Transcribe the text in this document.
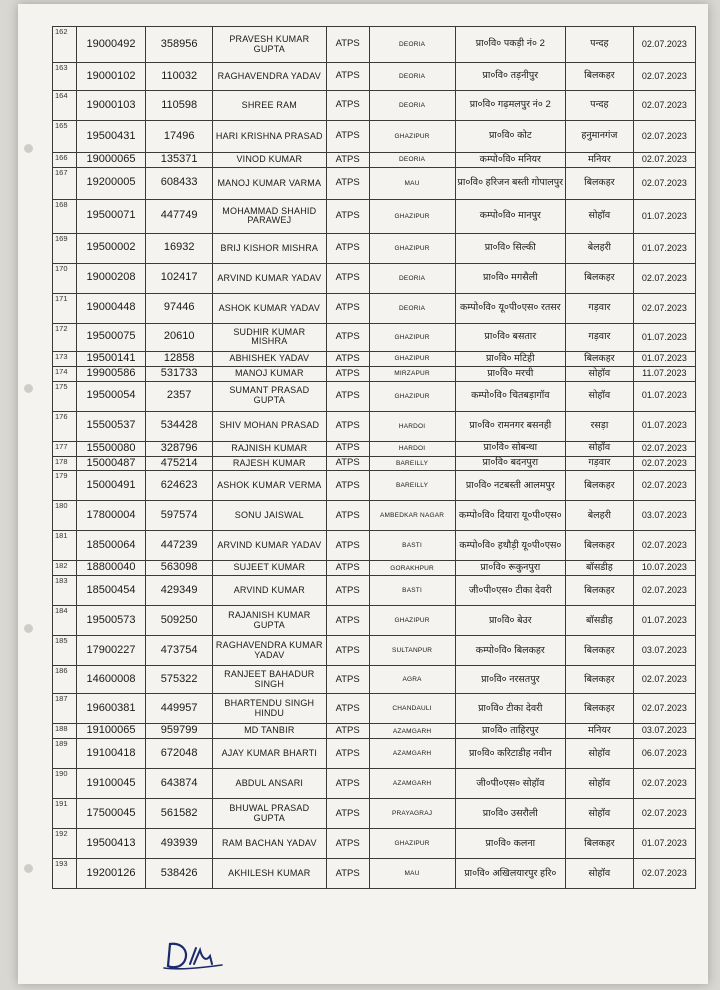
162	19000492	358956	PRAVESH KUMAR GUPTA	ATPS	DEORIA	प्रा०वि० पकड़ी नं० 2	पन्दह	02.07.2023
163	19000102	110032	RAGHAVENDRA YADAV	ATPS	DEORIA	प्रा०वि० तड़नीपुर	बिलकहर	02.07.2023
164	19000103	110598	SHREE RAM	ATPS	DEORIA	प्रा०वि० गढ़मलपुर नं० 2	पन्दह	02.07.2023
165	19500431	17496	HARI KRISHNA PRASAD	ATPS	GHAZIPUR	प्रा०वि० कोट	हनुमानगंज	02.07.2023
166	19000065	135371	VINOD KUMAR	ATPS	DEORIA	कम्पो०वि० मनियर	मनियर	02.07.2023
167	19200005	608433	MANOJ KUMAR VARMA	ATPS	MAU	प्रा०वि० हरिजन बस्ती गोपालपुर	बिलकहर	02.07.2023
168	19500071	447749	MOHAMMAD SHAHID PARAWEJ	ATPS	GHAZIPUR	कम्पो०वि० मानपुर	सोहॉव	01.07.2023
169	19500002	16932	BRIJ KISHOR MISHRA	ATPS	GHAZIPUR	प्रा०वि० सिल्की	बेलहरी	01.07.2023
170	19000208	102417	ARVIND KUMAR YADAV	ATPS	DEORIA	प्रा०वि० मगसैली	बिलकहर	02.07.2023
171	19000448	97446	ASHOK KUMAR YADAV	ATPS	DEORIA	कम्पो०वि० यू०पी०एस० रतसर	गड़वार	02.07.2023
172	19500075	20610	SUDHIR KUMAR MISHRA	ATPS	GHAZIPUR	प्रा०वि० बसतार	गड़वार	01.07.2023
173	19500141	12858	ABHISHEK YADAV	ATPS	GHAZIPUR	प्रा०वि० मटिही	बिलकहर	01.07.2023
174	19900586	531733	MANOJ KUMAR	ATPS	MIRZAPUR	प्रा०वि० मरची	सोहॉव	11.07.2023
175	19500054	2357	SUMANT PRASAD GUPTA	ATPS	GHAZIPUR	कम्पो०वि० चितबड़ागॉव	सोहॉव	01.07.2023
176	15500537	534428	SHIV MOHAN PRASAD	ATPS	HARDOI	प्रा०वि० रामनगर बसनही	रसड़ा	01.07.2023
177	15500080	328796	RAJNISH KUMAR	ATPS	HARDOI	प्रा०वि० सोबन्था	सोहॉव	02.07.2023
178	15000487	475214	RAJESH KUMAR	ATPS	BAREILLY	प्रा०वि० बदनपुरा	गड़वार	02.07.2023
179	15000491	624623	ASHOK KUMAR VERMA	ATPS	BAREILLY	प्रा०वि० नटबस्ती आलमपुर	बिलकहर	02.07.2023
180	17800004	597574	SONU JAISWAL	ATPS	AMBEDKAR NAGAR	कम्पो०वि० दियारा यू०पी०एस०	बेलहरी	03.07.2023
181	18500064	447239	ARVIND KUMAR YADAV	ATPS	BASTI	कम्पो०वि० हथौड़ी यू०पी०एस०	बिलकहर	02.07.2023
182	18800040	563098	SUJEET KUMAR	ATPS	GORAKHPUR	प्रा०वि० रूकुनपुरा	बॉसडीह	10.07.2023
183	18500454	429349	ARVIND KUMAR	ATPS	BASTI	जी०पी०एस० टीका देवरी	बिलकहर	02.07.2023
184	19500573	509250	RAJANISH KUMAR GUPTA	ATPS	GHAZIPUR	प्रा०वि० बेउर	बॉसडीह	01.07.2023
185	17900227	473754	RAGHAVENDRA KUMAR YADAV	ATPS	SULTANPUR	कम्पो०वि० बिलकहर	बिलकहर	03.07.2023
186	14600008	575322	RANJEET BAHADUR SINGH	ATPS	AGRA	प्रा०वि० नरसतपुर	बिलकहर	02.07.2023
187	19600381	449957	BHARTENDU SINGH HINDU	ATPS	CHANDAULI	प्रा०वि० टीका देवरी	बिलकहर	02.07.2023
188	19100065	959799	MD TANBIR	ATPS	AZAMGARH	प्रा०वि० ताहिरपुर	मनियर	03.07.2023
189	19100418	672048	AJAY KUMAR BHARTI	ATPS	AZAMGARH	प्रा०वि० करिटाडीह नवीन	सोहॉव	06.07.2023
190	19100045	643874	ABDUL ANSARI	ATPS	AZAMGARH	जी०पी०एस० सोहॉव	सोहॉव	02.07.2023
191	17500045	561582	BHUWAL PRASAD GUPTA	ATPS	PRAYAGRAJ	प्रा०वि० उसरौली	सोहॉव	02.07.2023
192	19500413	493939	RAM BACHAN YADAV	ATPS	GHAZIPUR	प्रा०वि० कलना	बिलकहर	01.07.2023
193	19200126	538426	AKHILESH KUMAR	ATPS	MAU	प्रा०वि० अखिलयारपुर हरि०	सोहॉव	02.07.2023
Dlu
